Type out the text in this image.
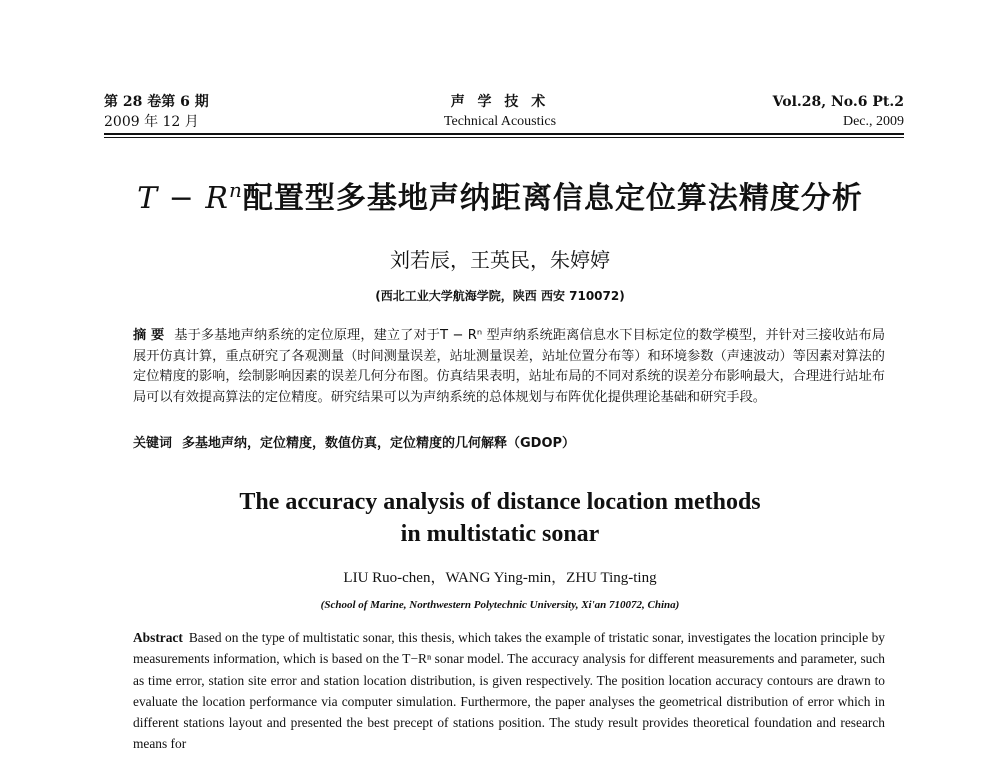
第 28 卷第 6 期
2009 年 12 月
声 学 技 术
Technical Acoustics
Vol.28, No.6 Pt.2
Dec., 2009
$T - R^n$配置型多基地声纳距离信息定位算法精度分析
刘若辰，王英民，朱婷婷
(西北工业大学航海学院，陕西 西安 710072)
摘 要 基于多基地声纳系统的定位原理，建立了对于T − Rⁿ 型声纳系统距离信息水下目标定位的数学模型，并针对三接收站布局展开仿真计算，重点研究了各观测量（时间测量误差，站址测量误差，站址位置分布等）和环境参数（声速波动）等因素对算法的定位精度的影响，绘制影响因素的误差几何分布图。仿真结果表明，站址布局的不同对系统的误差分布影响最大，合理进行站址布局可以有效提高算法的定位精度。研究结果可以为声纳系统的总体规划与布阵优化提供理论基础和研究手段。
关键词 多基地声纳，定位精度，数值仿真，定位精度的几何解释（GDOP）
The accuracy analysis of distance location methods
in multistatic sonar
LIU Ruo-chen，WANG Ying-min，ZHU Ting-ting
(School of Marine, Northwestern Polytechnic University, Xi'an 710072, China)
Abstract Based on the type of multistatic sonar, this thesis, which takes the example of tristatic sonar, investigates the location principle by measurements information, which is based on the T−Rⁿ sonar model. The accuracy analysis for different measurements and parameter, such as time error, station site error and station location distribution, is given respectively. The position location accuracy contours are drawn to evaluate the location performance via computer simulation. Furthermore, the paper analyses the geometrical distribution of error which in different stations layout and presented the best precept of stations position. The study result provides theoretical foundation and research means for
